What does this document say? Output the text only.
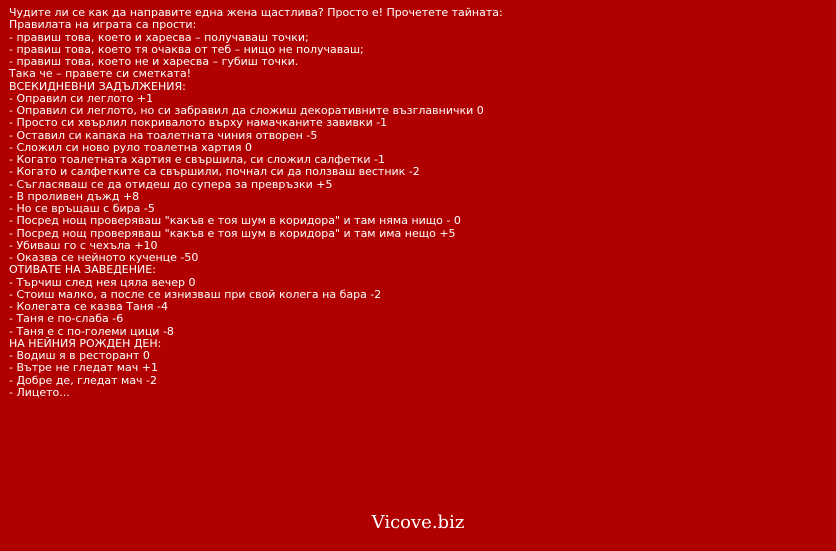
Чудите ли се как да направите една жена щастлива? Просто е! Прочетете тайната:
Правилата на играта са прости:
- правиш това, което и харесва – получаваш точки;
- правиш това, което тя очаква от теб – нищо не получаваш;
- правиш това, което не и харесва – губиш точки.
Така че – правете си сметката!
ВСЕКИДНЕВНИ ЗАДЪЛЖЕНИЯ:
- Оправил си леглото +1
- Оправил си леглото, но си забравил да сложиш декоративните възглавнички 0
- Просто си хвърлил покривалото върху намачканите завивки -1
- Оставил си капака на тоалетната чиния отворен -5
- Сложил си ново руло тоалетна хартия 0
- Когато тоалетната хартия е свършила, си сложил салфетки -1
- Когато и салфетките са свършили, почнал си да ползваш вестник -2
- Съгласяваш се да отидеш до супера за превръзки +5
- В проливен дъжд +8
- Но се връщаш с бира -5
- Посред нощ проверяваш "какъв е тоя шум в коридора" и там няма нищо - 0
- Посред нощ проверяваш "какъв е тоя шум в коридора" и там има нещо +5
- Убиваш го с чехъла +10
- Оказва се нейното кученце -50
ОТИВАТЕ НА ЗАВЕДЕНИЕ:
- Търчиш след нея цяла вечер 0
- Стоиш малко, а после се изнизваш при свой колега на бара -2
- Колегата се казва Таня -4
- Таня е по-слаба -6
- Таня е с по-големи цици -8
НА НЕЙНИЯ РОЖДЕН ДЕН:
- Водиш я в ресторант 0
- Вътре не гледат мач +1
- Добре де, гледат мач -2
- Лицето...
Vicove.biz
